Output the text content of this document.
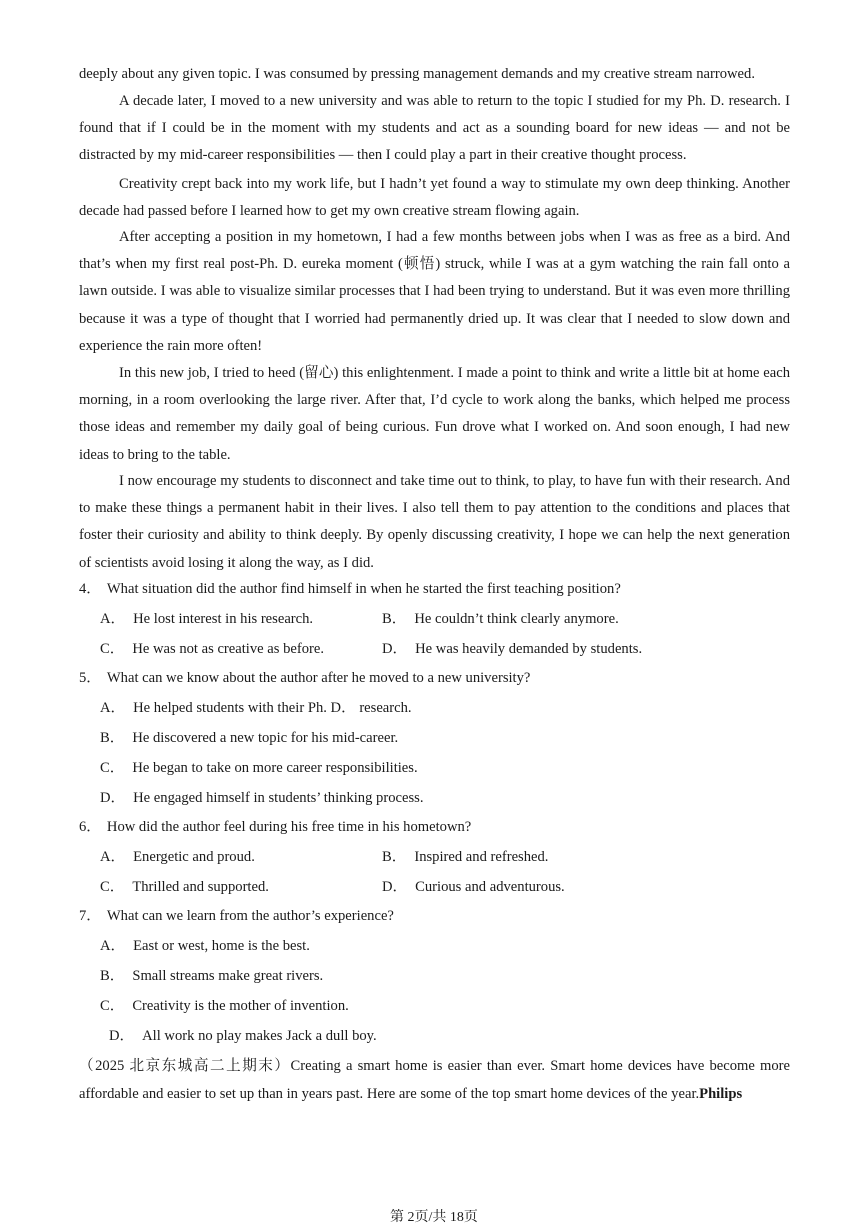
deeply about any given topic. I was consumed by pressing management demands and my creative stream narrowed.

A decade later, I moved to a new university and was able to return to the topic I studied for my Ph. D. research. I found that if I could be in the moment with my students and act as a sounding board for new ideas — and not be distracted by my mid-career responsibilities — then I could play a part in their creative thought process.

Creativity crept back into my work life, but I hadn’t yet found a way to stimulate my own deep thinking. Another decade had passed before I learned how to get my own creative stream flowing again.

After accepting a position in my hometown, I had a few months between jobs when I was as free as a bird. And that’s when my first real post-Ph. D. eureka moment (顿悟) struck, while I was at a gym watching the rain fall onto a lawn outside. I was able to visualize similar processes that I had been trying to understand. But it was even more thrilling because it was a type of thought that I worried had permanently dried up. It was clear that I needed to slow down and experience the rain more often!

In this new job, I tried to heed (留心) this enlightenment. I made a point to think and write a little bit at home each morning, in a room overlooking the large river. After that, I’d cycle to work along the banks, which helped me process those ideas and remember my daily goal of being curious. Fun drove what I worked on. And soon enough, I had new ideas to bring to the table.

I now encourage my students to disconnect and take time out to think, to play, to have fun with their research. And to make these things a permanent habit in their lives. I also tell them to pay attention to the conditions and places that foster their curiosity and ability to think deeply. By openly discussing creativity, I hope we can help the next generation of scientists avoid losing it along the way, as I did.

4． What situation did the author find himself in when he started the first teaching position?
A． He lost interest in his research.	B． He couldn’t think clearly anymore.
C． He was not as creative as before.	D． He was heavily demanded by students.
5． What can we know about the author after he moved to a new university?
A． He helped students with their Ph. D． research.
B． He discovered a new topic for his mid-career.
C． He began to take on more career responsibilities.
D． He engaged himself in students’ thinking process.
6． How did the author feel during his free time in his hometown?
A． Energetic and proud.	B． Inspired and refreshed.
C． Thrilled and supported.	D． Curious and adventurous.
7． What can we learn from the author’s experience?
A． East or west, home is the best.
B． Small streams make great rivers.
C． Creativity is the mother of invention.
D． All work no play makes Jack a dull boy.

（2025 北京东城高二上期末）Creating a smart home is easier than ever. Smart home devices have become more affordable and easier to set up than in years past. Here are some of the top smart home devices of the year.Philips

第 2页/共 18页
